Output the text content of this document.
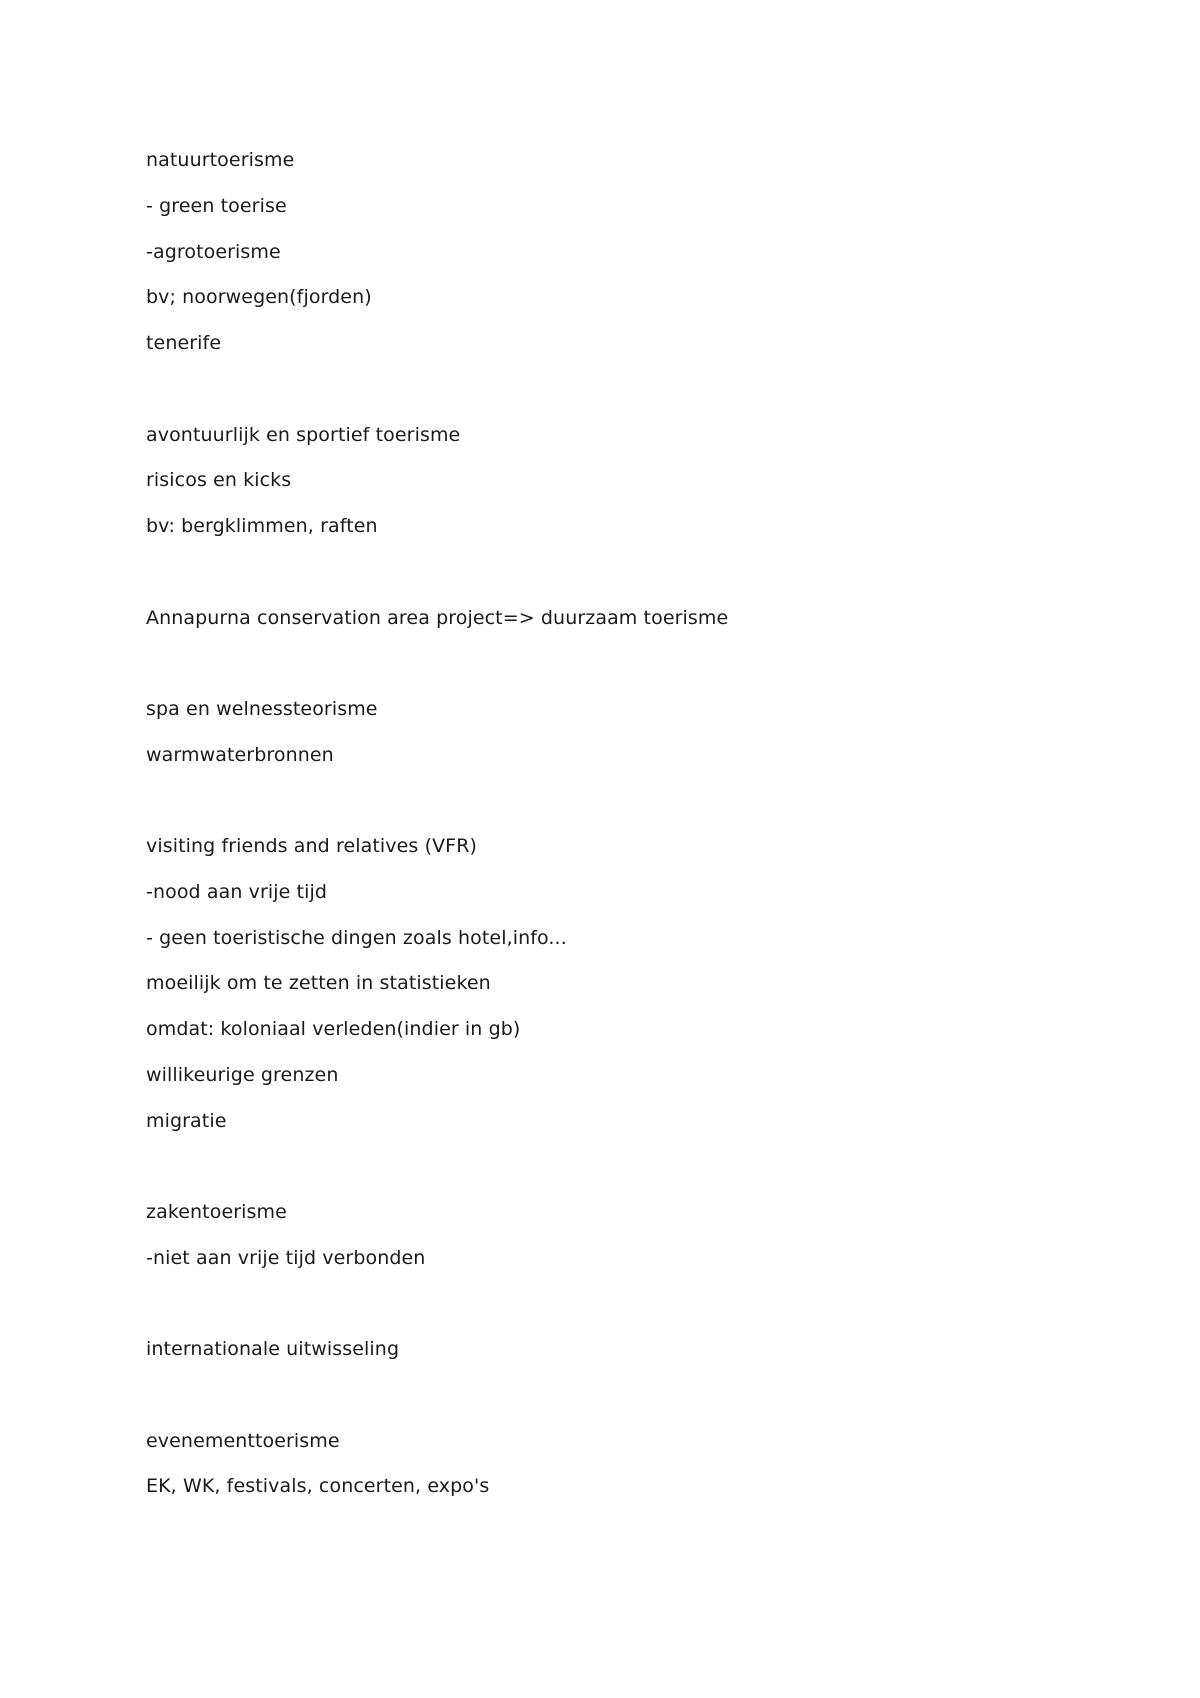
natuurtoerisme
- green toerise
-agrotoerisme
bv; noorwegen(fjorden)
tenerife
avontuurlijk en sportief toerisme
risicos en kicks
bv: bergklimmen, raften
Annapurna conservation area project=> duurzaam toerisme
spa en welnessteorisme
warmwaterbronnen
visiting friends and relatives (VFR)
-nood aan vrije tijd
- geen toeristische dingen zoals hotel,info...
moeilijk om te zetten in statistieken
omdat: koloniaal verleden(indier in gb)
willikeurige grenzen
migratie
zakentoerisme
-niet aan vrije tijd verbonden
internationale uitwisseling
evenementtoerisme
EK, WK, festivals, concerten, expo's
